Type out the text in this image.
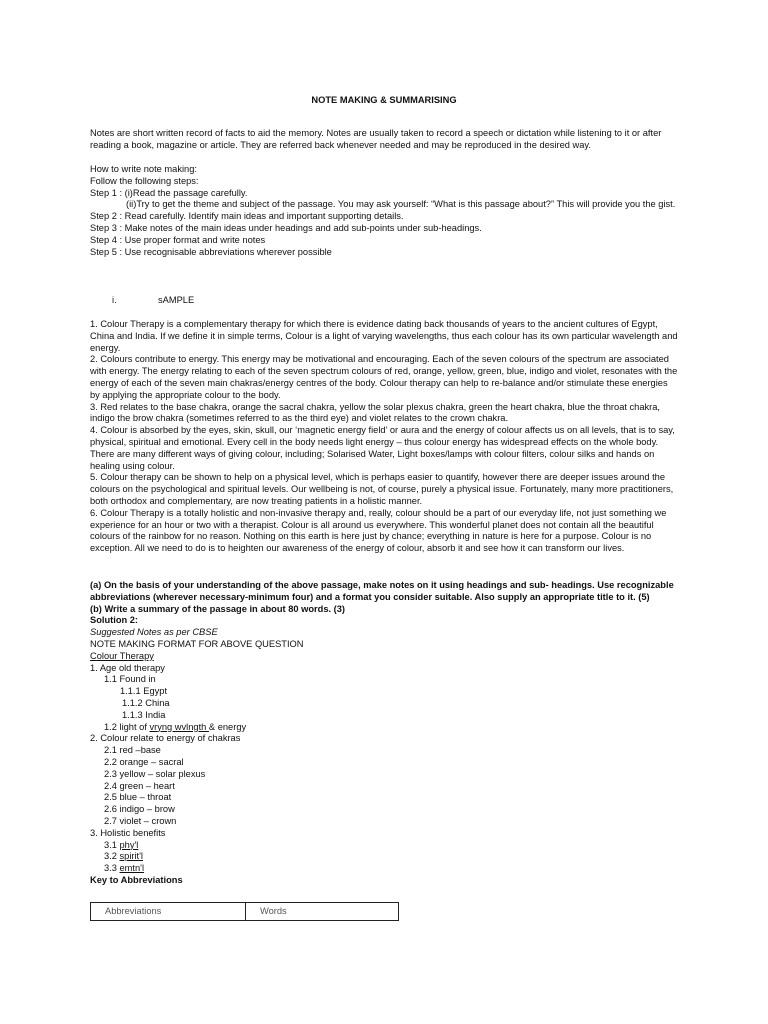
NOTE MAKING & SUMMARISING

Notes are short written record of facts to aid the memory. Notes are usually taken to record a speech or dictation while listening to it or after reading a book, magazine or article. They are referred back whenever needed and may be reproduced in the desired way.

How to write note making:

Follow the following steps:

Step 1 : (i)Read the passage carefully.

(ii)Try to get the theme and subject of the passage. You may ask yourself: “What is this passage about?” This will provide you the gist.

Step 2 : Read carefully. Identify main ideas and important supporting details.

Step 3 : Make notes of the main ideas under headings and add sub-points under sub-headings.

Step 4 : Use proper format and write notes

Step 5 : Use recognisable abbreviations wherever possible

i.	sAMPLE

1. Colour Therapy is a complementary therapy for which there is evidence dating back thousands of years to the ancient cultures of Egypt, China and India. If we define it in simple terms, Colour is a light of varying wavelengths, thus each colour has its own particular wavelength and energy.

2. Colours contribute to energy. This energy may be motivational and encouraging. Each of the seven colours of the spectrum are associated with energy. The energy relating to each of the seven spectrum colours of red, orange, yellow, green, blue, indigo and violet, resonates with the energy of each of the seven main chakras/energy centres of the body. Colour therapy can help to re-balance and/or stimulate these energies by applying the appropriate colour to the body.

3. Red relates to the base chakra, orange the sacral chakra, yellow the solar plexus chakra, green the heart chakra, blue the throat chakra, indigo the brow chakra (sometimes referred to as the third eye) and violet relates to the crown chakra.

4. Colour is absorbed by the eyes, skin, skull, our ‘magnetic energy field’ or aura and the energy of colour affects us on all levels, that is to say, physical, spiritual and emotional. Every cell in the body needs light energy – thus colour energy has widespread effects on the whole body. There are many different ways of giving colour, including; Solarised Water, Light boxes/lamps with colour filters, colour silks and hands on healing using colour.

5. Colour therapy can be shown to help on a physical level, which is perhaps easier to quantify, however there are deeper issues around the colours on the psychological and spiritual levels. Our wellbeing is not, of course, purely a physical issue. Fortunately, many more practitioners, both orthodox and complementary, are now treating patients in a holistic manner.

6. Colour Therapy is a totally holistic and non-invasive therapy and, really, colour should be a part of our everyday life, not just something we experience for an hour or two with a therapist. Colour is all around us everywhere. This wonderful planet does not contain all the beautiful colours of the rainbow for no reason. Nothing on this earth is here just by chance; everything in nature is here for a purpose. Colour is no exception. All we need to do is to heighten our awareness of the energy of colour, absorb it and see how it can transform our lives.

(a) On the basis of your understanding of the above passage, make notes on it using headings and sub- headings. Use recognizable abbreviations (wherever necessary-minimum four) and a format you consider suitable. Also supply an appropriate title to it. (5)

(b) Write a summary of the passage in about 80 words. (3)

Solution 2:

Suggested Notes as per CBSE

NOTE MAKING FORMAT FOR ABOVE QUESTION

Colour Therapy

1. Age old therapy

1.1 Found in

1.1.1 Egypt

1.1.2 China

1.1.3 India

1.2 light of vryng wvlngth & energy

2. Colour relate to energy of chakras

2.1 red –base

2.2 orange – sacral

2.3 yellow – solar plexus

2.4 green – heart

2.5 blue – throat

2.6 indigo – brow

2.7 violet – crown

3. Holistic benefits

3.1 phy'l

3.2 spirit'l

3.3 emtn'l

Key to Abbreviations

Abbreviations	Words
